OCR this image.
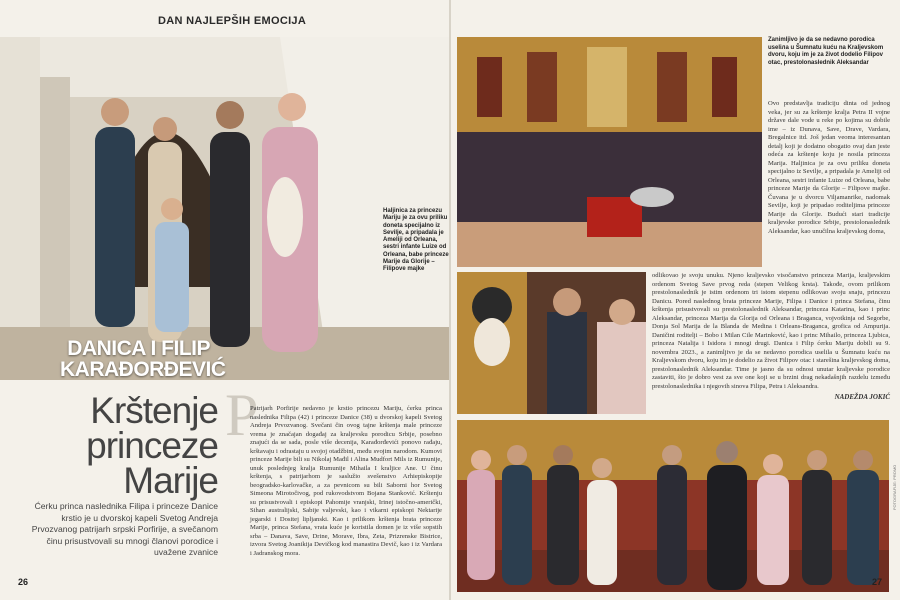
DAN NAJLEPŠIH EMOCIJA
Haljinica za princezu Mariju je za ovu priliku doneta specijalno iz Sevilje, a pripadala je Ameliji od Orleana, sestri infante Luize od Orleana, babe princeze Marije da Glorije – Filipove majke
DANICA I FILIP KARAĐORĐEVIĆ
Krštenje princeze Marije
Ćerku princa naslednika Filipa i princeze Danice krstio je u dvorskoj kapeli Svetog Andreja Prvozvanog patrijarh srpski Porfirije, a svečanom činu prisustvovali su mnogi članovi porodice i uvažene zvanice
P
Patrijarh Porfirije nedavno je krstio princezu Mariju, ćerku princa naslednika Filipa (42) i princeze Danice (38) u dvorskoj kapeli Svetog Andreja Prvozvanog. Svečani čin ovog tajne krštenja male princeze vrema je značajan događaj za kraljevsku porodicu Srbije, posebno znajući da se sada, posle više decenija, Karađorđevići ponovo rađaju, krštavaju i odrastaju u svojoj otadžbini, među svojim narodom. Kumovi princeze Marije bili su Nikolaj Mađil i Alina Mudfort Mils iz Rumunije, unuk poslednjeg kralja Rumunije Mihaila I kraljice Ane. U činu krštenja, s patrijarhom je saslužio svešenstvo Arhiepiskopije beogradsko-karlovačke, a za pevnicom su bili Saborni hor Svetog Simeona Mirotočivog, pod rukovodstvom Bojana Stanković. Krštenju su prisustvovali i episkopi Pahomije vranjski, Irinej istočno-američki, Sihan australijski, Sabije valjevski, kao i vikarni episkopi Nektarije jegarski i Dositej lipljanski. Kao i prilikom krštenja brata princeze Marije, princa Stefana, vrata kuće je koristila domen je iz više sopstih srba – Danava, Save, Drine, Morave, Ibra, Zeta, Prizrenske Bistrice, izvora Svetog Joanikija Devičkog kod manastira Devič, kao i iz Vardara i Jadranskog mora.
Zanimljivo je da se nedavno porodica useliла u Šumnatu kuću na Kraljevskom dvoru, koju im je za život dodelio Filipov otac, prestolonaslednik Aleksandar
Ovo predstavlja tradiciju dinta od jednog veka, jer su za krštenje kralja Petra II vojne države dale vode u reke po kojima su dobile ime – iz Dunava, Save, Drave, Vardara, Bregalnice itd. Još jedan veoma interesantan detalj koji je dodatno obogatio ovaj dan jeste odeća za krštenje koju je nosila princeza Marija. Haljinica je za ovu priliku doneta specijalno iz Sevilje, a pripadala je Ameliji od Orleana, sestri infante Luize od Orleana, babe princeze Marije da Glorije – Filipove majke. Čuvana je u dvorcu Viljamanrike, nadomak Sevilje, koji je pripadao roditeljima princeze Marije da Glorije. Budući stari tradicije kraljevske porodice Srbije, prestolonaslednik Aleksandar, kao unučilna kraljevskog doma,
odlikovao je svoju unuku. Njeno kraljevsko visočanstvo princeza Marija, kraljevskim ordenom Svetog Save prvog reda (stepen Velikog krsta). Takođe, ovom prilikom prestolonaslednik je istim ordenom tri istom stepenu odlikovao svoju snaju, princezu Danicu. Pored naslednog brata princeze Marije, Filipa i Danice i princa Stefana, činu krštenja prisustvovali su prestolonaslednik Aleksandar, princeza Katarina, kao i princ Aleksandar, princeza Marija da Glorija od Orleana i Braganca, vojvotkinja od Segorbe, Donja Sol Marija de la Blanda de Medina i Orleans-Braganca, grofica od Ampurija. Daničini roditelji – Bobo i Milan Cile Marinković, kao i princ Mihailo, princeza Ljubica, princeza Natalija i Isidora i mnogi drugi. Danica i Filip ćerku Mariju dobili su 9. novembra 2023., a zanimljivo je da se nedavno porodica uselila u Šumnatu kuću na Kraljevskom dvoru, koju im je dodelio za život Filipov otac i starešina kraljevskog doma, prestolonaslednik Aleksandar. Time je jasno da su odnosi unutar kraljevske porodice zastaviti, što je dobro vest za sve one koji se u brzini drag nekadašnjih razdelu između prestolonaslednika i njegovih sinova Filipa, Petra i Aleksandra.
NADEŽDA JOKIĆ
FOTOGRAFIJE: PROMO
26	27
